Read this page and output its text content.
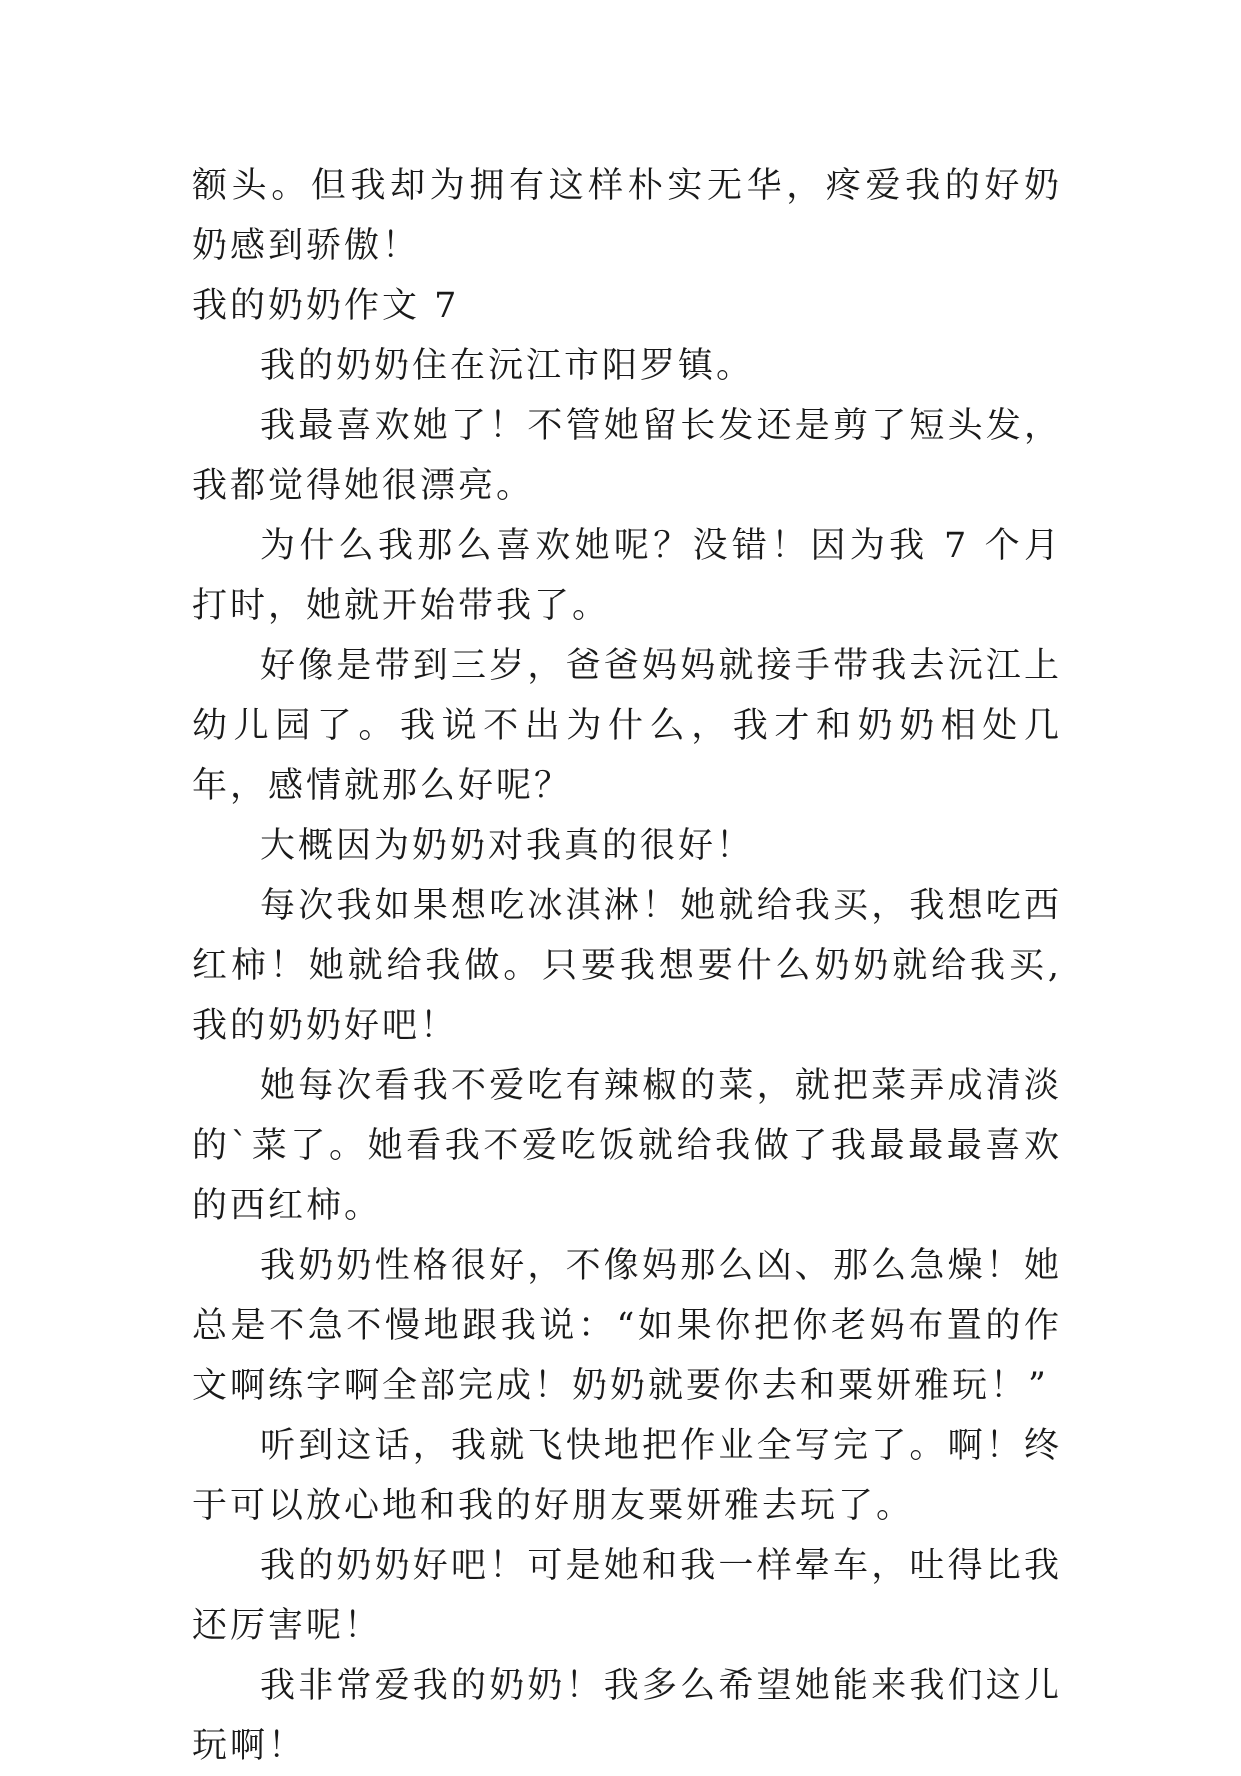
额头。但我却为拥有这样朴实无华，疼爱我的好奶奶感到骄傲！

我的奶奶作文 7

我的奶奶住在沅江市阳罗镇。

我最喜欢她了！不管她留长发还是剪了短头发，我都觉得她很漂亮。

为什么我那么喜欢她呢？没错！因为我 7 个月打时，她就开始带我了。

好像是带到三岁，爸爸妈妈就接手带我去沅江上幼儿园了。我说不出为什么，我才和奶奶相处几年，感情就那么好呢？

大概因为奶奶对我真的很好！

每次我如果想吃冰淇淋！她就给我买，我想吃西红柿！她就给我做。只要我想要什么奶奶就给我买,我的奶奶好吧！

她每次看我不爱吃有辣椒的菜，就把菜弄成清淡的`菜了。她看我不爱吃饭就给我做了我最最最喜欢的西红柿。

我奶奶性格很好，不像妈那么凶、那么急燥！她总是不急不慢地跟我说：“如果你把你老妈布置的作文啊练字啊全部完成！奶奶就要你去和粟妍雅玩！”

听到这话，我就飞快地把作业全写完了。啊！终于可以放心地和我的好朋友粟妍雅去玩了。

我的奶奶好吧！可是她和我一样晕车，吐得比我还厉害呢！

我非常爱我的奶奶！我多么希望她能来我们这儿玩啊！
